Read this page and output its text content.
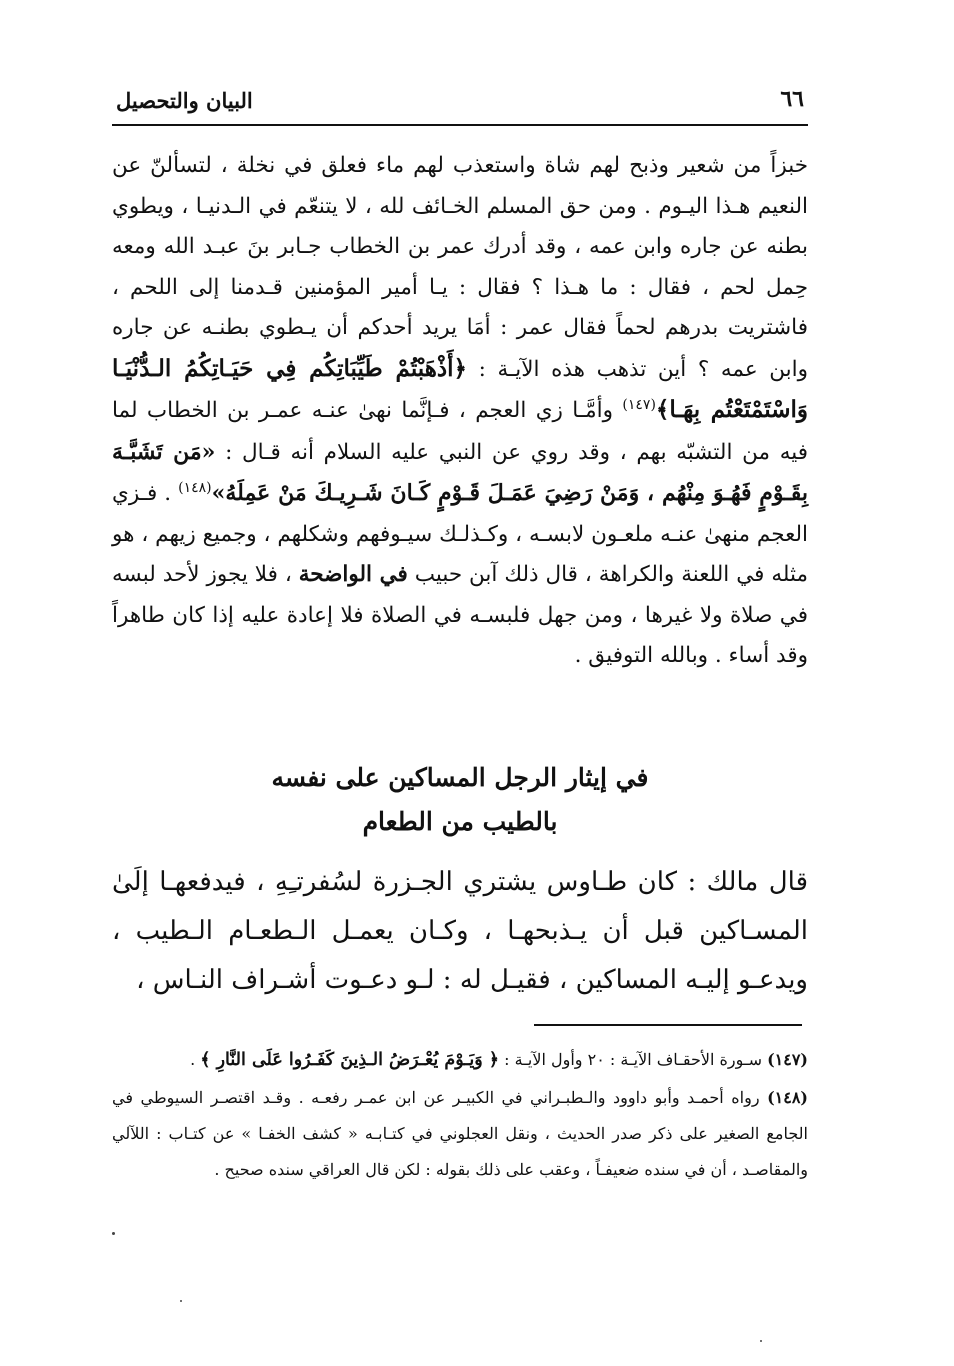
٦٦
البيان والتحصيل

خبزاً من شعير وذبح لهم شاة واستعذب لهم ماء فعلق في نخلة ، لتسألنّ عن النعيم هـذا اليـوم . ومن حق المسلم الخـائف لله ، لا يتنعّم في الـدنيـا ، ويطوي بطنه عن جاره وابن عمه ، وقد أدرك عمر بن الخطاب جـابر بنَ عبـد الله ومعه حِمل لحم ، فقال : ما هـذا ؟ فقال : يـا أمير المؤمنين قـدمنا إلى اللحم ، فاشتريت بدرهم لحماً فقال عمر : أمَا يريد أحدكم أن يـطوي بطنـه عن جاره وابن عمه ؟ أين تذهب هذه الآيـة : ﴿أَذْهَبْتُمْ طَيِّبَاتِكُم فِي حَيَـاتِكُمُ الـدُّنْيَـا وَاسْتَمْتَعْتُم بِهَـا﴾$^{(١٤٧)}$ وأمَّـا زي العجم ، فـإنَّما نهىٰ عنـه عمـر بن الخطاب لما فيه من التشبّه بهم ، وقد روي عن النبي عليه السلام أنه قـال : «مَن تَشَبَّـهَ بِقَـوْمٍ فَهُـوَ مِنْهُم ، وَمَنْ رَضِيَ عَمَـلَ قَـوْمٍ كَـانَ شَـرِيـكَ مَنْ عَمِلَهُ»$^{(١٤٨)}$ . فـزي العجم منهىٰ عنـه ملعـون لابسـه ، وكـذلـك سيـوفهم وشكلهم ، وجميع زيهم ، هو مثله في اللعنة والكراهة ، قال ذلك آبن حبيب في الواضحة ، فلا يجوز لأحد لبسه في صلاة ولا غيرها ، ومن جهل فلبسـه في الصلاة فلا إعادة عليه إذا كان طاهراً وقد أساء . وبالله التوفيق .

في إيثار الرجل المساكين على نفسه
بالطيب من الطعام

قال مالك : كان طـاوس يشتري الجـزرة لسُفرتـِهِ ، فيدفعهـا إلَىٰ المسـاكين قبل أن يـذبحهـا ، وكـان يعمـل الـطعـام الـطيب ، ويدعـو إليـه المساكين ، فقيـل له : لـو دعـوت أشـراف النـاس ،

(١٤٧) سـورة الأحقـاف الآيـة : ٢٠ وأول الآيـة : ﴿ وَيَـوْمَ يُعْـرَضُ الـذِينَ كَفَـرُوا عَلَى النَّارِ ﴾ .

(١٤٨) رواه أحمـد وأبو داوود والـطبـراني في الكبيـر عن ابن عمـر رفعـه . وقـد اقتصـر السيوطي في الجامع الصغير على ذكر صدر الحديث ، ونقل العجلوني في كتـابـه « كشف الخفـا » عن كتـاب : اللآلي والمقاصـد ، أن في سنده ضعيفـاً ، وعقب على ذلك بقوله : لكن قال العراقي سنده صحيح .
